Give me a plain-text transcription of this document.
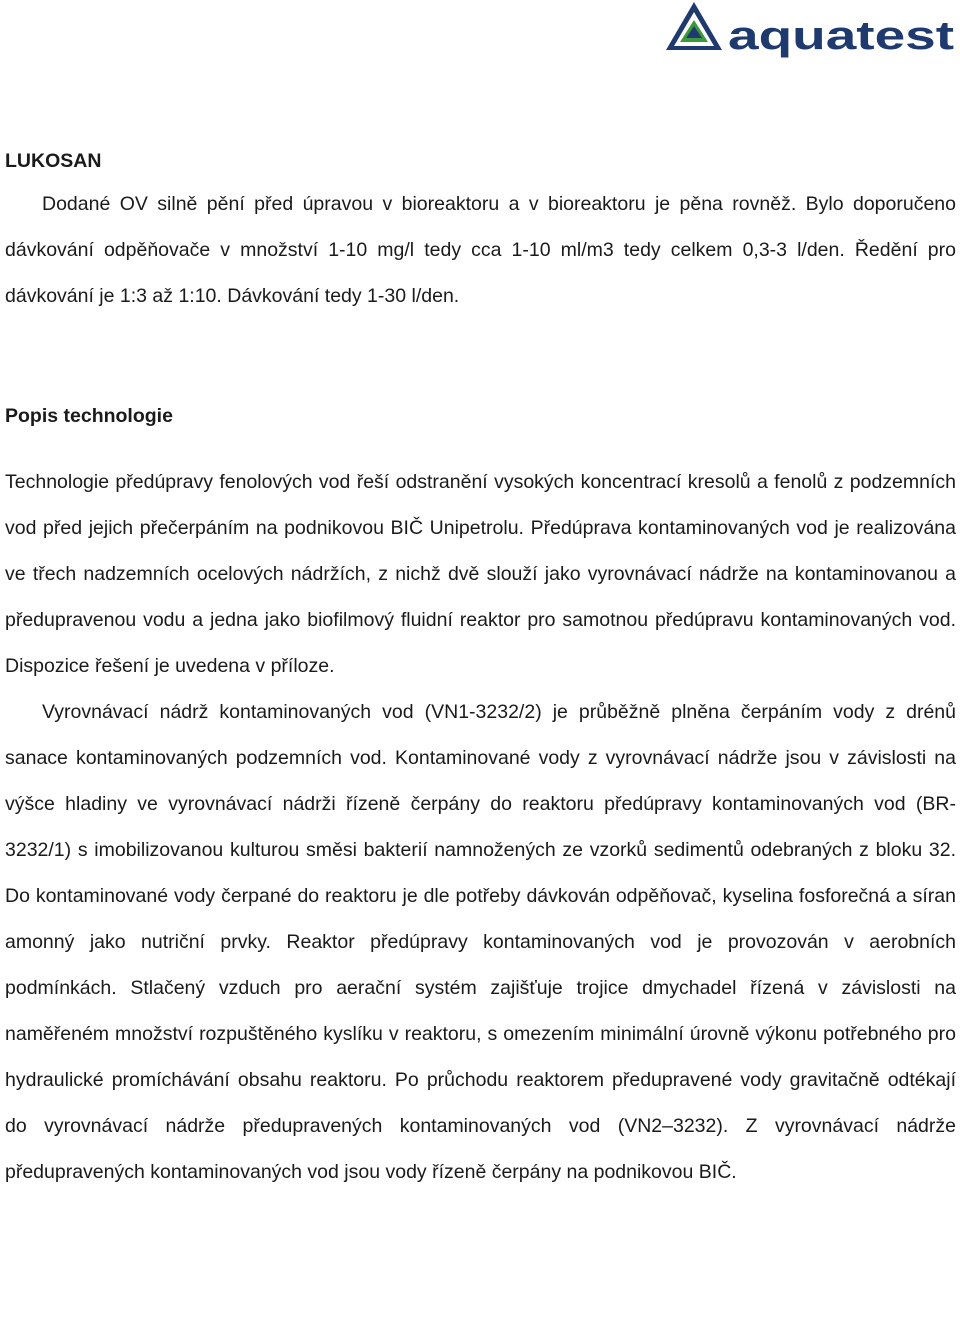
aquatest
LUKOSAN

Dodané OV silně pění před úpravou v bioreaktoru a v bioreaktoru je pěna rovněž. Bylo doporučeno dávkování odpěňovače v množství 1-10 mg/l tedy cca 1-10 ml/m3 tedy celkem 0,3-3 l/den. Ředění pro dávkování je 1:3 až 1:10. Dávkování tedy 1-30 l/den.

Popis technologie

Technologie předúpravy fenolových vod řeší odstranění vysokých koncentrací kresolů a fenolů z podzemních vod před jejich přečerpáním na podnikovou BIČ Unipetrolu. Předúprava kontaminovaných vod je realizována ve třech nadzemních ocelových nádržích, z nichž dvě slouží jako vyrovnávací nádrže na kontaminovanou a předupravenou vodu a jedna jako biofilmový fluidní reaktor pro samotnou předúpravu kontaminovaných vod. Dispozice řešení je uvedena v příloze.

Vyrovnávací nádrž kontaminovaných vod (VN1-3232/2) je průběžně plněna čerpáním vody z drénů sanace kontaminovaných podzemních vod. Kontaminované vody z vyrovnávací nádrže jsou v závislosti na výšce hladiny ve vyrovnávací nádrži řízeně čerpány do reaktoru předúpravy kontaminovaných vod (BR-3232/1) s imobilizovanou kulturou směsi bakterií namnožených ze vzorků sedimentů odebraných z bloku 32. Do kontaminované vody čerpané do reaktoru je dle potřeby dávkován odpěňovač, kyselina fosforečná a síran amonný jako nutriční prvky. Reaktor předúpravy kontaminovaných vod je provozován v aerobních podmínkách. Stlačený vzduch pro aerační systém zajišťuje trojice dmychadel řízená v závislosti na naměřeném množství rozpuštěného kyslíku v reaktoru, s omezením minimální úrovně výkonu potřebného pro hydraulické promíchávání obsahu reaktoru. Po průchodu reaktorem předupravené vody gravitačně odtékají do vyrovnávací nádrže předupravených kontaminovaných vod (VN2–3232). Z vyrovnávací nádrže předupravených kontaminovaných vod jsou vody řízeně čerpány na podnikovou BIČ.
